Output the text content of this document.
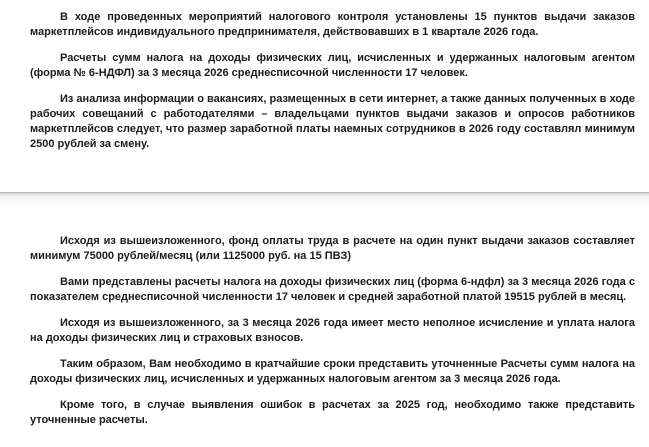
В ходе проведенных мероприятий налогового контроля установлены 15 пунктов выдачи заказов маркетплейсов индивидуального предпринимателя, действовавших в 1 квартале 2026 года.

Расчеты сумм налога на доходы физических лиц, исчисленных и удержанных налоговым агентом (форма № 6-НДФЛ) за 3 месяца 2026 среднесписочной численности 17 человек.

Из анализа информации о вакансиях, размещенных в сети интернет, а также данных полученных в ходе рабочих совещаний с работодателями – владельцами пунктов выдачи заказов и опросов работников маркетплейсов следует, что размер заработной платы наемных сотрудников в 2026 году составлял минимум 2500 рублей за смену.

Исходя из вышеизложенного, фонд оплаты труда в расчете на один пункт выдачи заказов составляет минимум 75000 рублей/месяц (или 1125000 руб. на 15 ПВЗ)

Вами представлены расчеты налога на доходы физических лиц (форма 6-ндфл) за 3 месяца 2026 года с показателем среднесписочной численности 17 человек и средней заработной платой 19515 рублей в месяц.

Исходя из вышеизложенного, за 3 месяца 2026 года имеет место неполное исчисление и уплата налога на доходы физических лиц и страховых взносов.

Таким образом, Вам необходимо в кратчайшие сроки представить уточненные Расчеты сумм налога на доходы физических лиц, исчисленных и удержанных налоговым агентом за 3 месяца 2026 года.

Кроме того, в случае выявления ошибок в расчетах за 2025 год, необходимо также представить уточненные расчеты.
